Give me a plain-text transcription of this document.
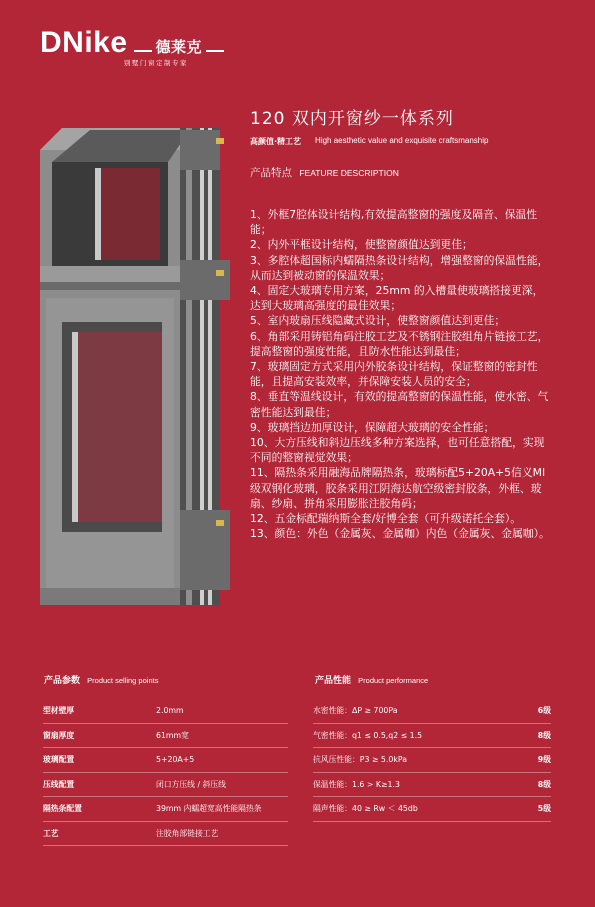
DNike 德莱克
别墅门窗定制专家
120 双内开窗纱一体系列
高颜值·精工艺 High aesthetic value and exquisite craftsmanship
产品特点 FEATURE DESCRIPTION
1、外框7腔体设计结构,有效提高整窗的强度及隔音、保温性能；
2、内外平框设计结构，使整窗颜值达到更佳；
3、多腔体超国标内蠕隔热条设计结构，增强整窗的保温性能，从而达到被动窗的保温效果；
4、固定大玻璃专用方案，25mm 的入槽量使玻璃搭接更深，达到大玻璃高强度的最佳效果；
5、室内玻扇压线隐藏式设计，使整窗颜值达到更佳；
6、角部采用铸铝角码注胶工艺及不锈钢注胶组角片链接工艺，提高整窗的强度性能，且防水性能达到最佳；
7、玻璃固定方式采用内外胶条设计结构，保证整窗的密封性能，且提高安装效率，并保障安装人员的安全；
8、垂直等温线设计，有效的提高整窗的保温性能，使水密、气密性能达到最佳；
9、玻璃挡边加厚设计，保障超大玻璃的安全性能；
10、大方压线和斜边压线多种方案选择，也可任意搭配，实现不同的整窗视觉效果；
11、隔热条采用融海品牌隔热条，玻璃标配5+20A+5信义MI级双钢化玻璃，胶条采用江阴海达航空级密封胶条，外框、玻扇、纱扇、拼角采用膨胀注胶角码；
12、五金标配瑞纳斯全套/好博全套（可升级诺托全套）。
13、颜色：外色（金属灰、金属咖）内色（金属灰、金属咖）。
产品参数 Product selling points
型材壁厚	2.0mm
窗扇厚度	61mm宽
玻璃配置	5+20A+5
压线配置	闭口方压线 / 斜压线
隔热条配置	39mm 内蠕超宽高性能隔热条
工艺	注胶角部链接工艺
产品性能 Product performance
水密性能：ΔP ≥ 700Pa	6级
气密性能：q1 ≤ 0.5,q2 ≤ 1.5	8级
抗风压性能：P3 ≥ 5.0kPa	9级
保温性能：1.6 > K≥1.3	8级
隔声性能：40 ≥ Rw ＜ 45db	5级
